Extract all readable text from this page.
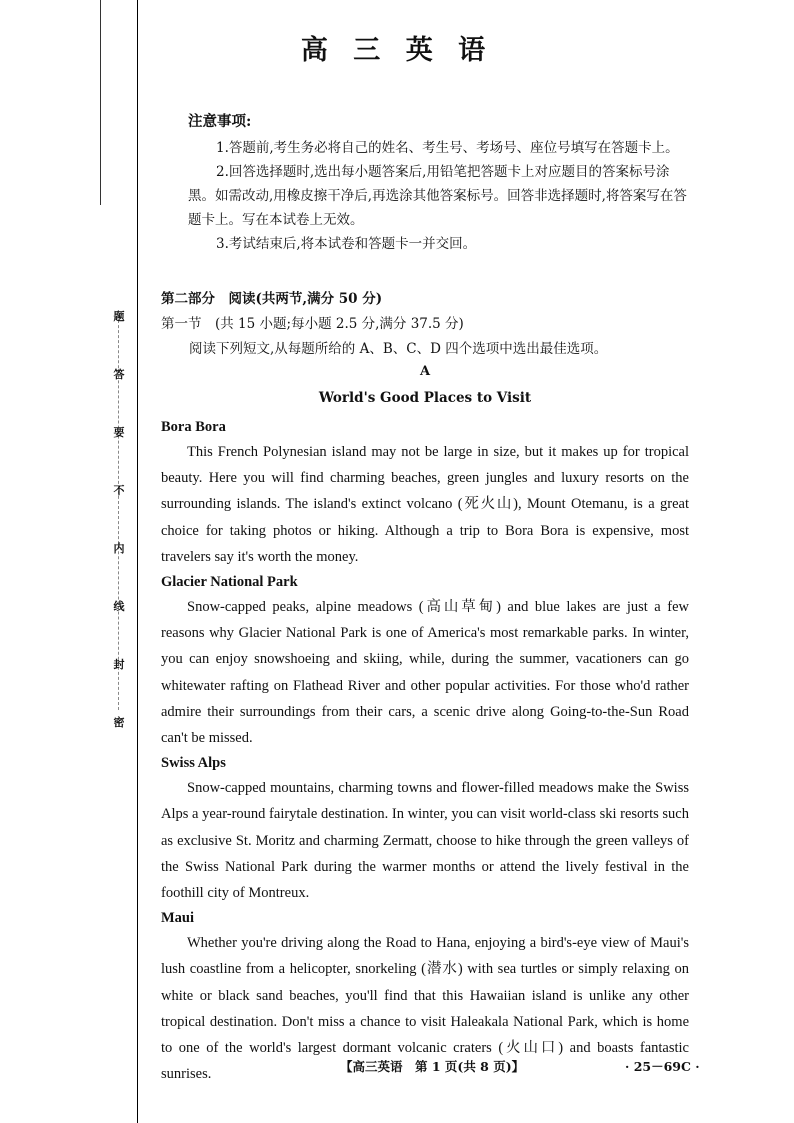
题
答
要
不
内
线
封
密
高 三 英 语
注意事项:

1.答题前,考生务必将自己的姓名、考生号、考场号、座位号填写在答题卡上。

2.回答选择题时,选出每小题答案后,用铅笔把答题卡上对应题目的答案标号涂黑。如需改动,用橡皮擦干净后,再选涂其他答案标号。回答非选择题时,将答案写在答题卡上。写在本试卷上无效。

3.考试结束后,将本试卷和答题卡一并交回。

第二部分　阅读(共两节,满分 50 分)
第一节　(共 15 小题;每小题 2.5 分,满分 37.5 分)
阅读下列短文,从每题所给的 A、B、C、D 四个选项中选出最佳选项。
A
World's Good Places to Visit
Bora Bora

This French Polynesian island may not be large in size, but it makes up for tropical beauty. Here you will find charming beaches, green jungles and luxury resorts on the surrounding islands. The island's extinct volcano (死火山), Mount Otemanu, is a great choice for taking photos or hiking. Although a trip to Bora Bora is expensive, most travelers say it's worth the money.

Glacier National Park

Snow-capped peaks, alpine meadows (高山草甸) and blue lakes are just a few reasons why Glacier National Park is one of America's most remarkable parks. In winter, you can enjoy snowshoeing and skiing, while, during the summer, vacationers can go whitewater rafting on Flathead River and other popular activities. For those who'd rather admire their surroundings from their cars, a scenic drive along Going-to-the-Sun Road can't be missed.

Swiss Alps

Snow-capped mountains, charming towns and flower-filled meadows make the Swiss Alps a year-round fairytale destination. In winter, you can visit world-class ski resorts such as exclusive St. Moritz and charming Zermatt, choose to hike through the green valleys of the Swiss National Park during the warmer months or attend the lively festival in the foothill city of Montreux.

Maui

Whether you're driving along the Road to Hana, enjoying a bird's-eye view of Maui's lush coastline from a helicopter, snorkeling (潜水) with sea turtles or simply relaxing on white or black sand beaches, you'll find that this Hawaiian island is unlike any other tropical destination. Don't miss a chance to visit Haleakala National Park, which is home to one of the world's largest dormant volcanic craters (火山口) and boasts fantastic sunrises.	【高三英语　第 1 页(共 8 页)】	· 25－69C ·
